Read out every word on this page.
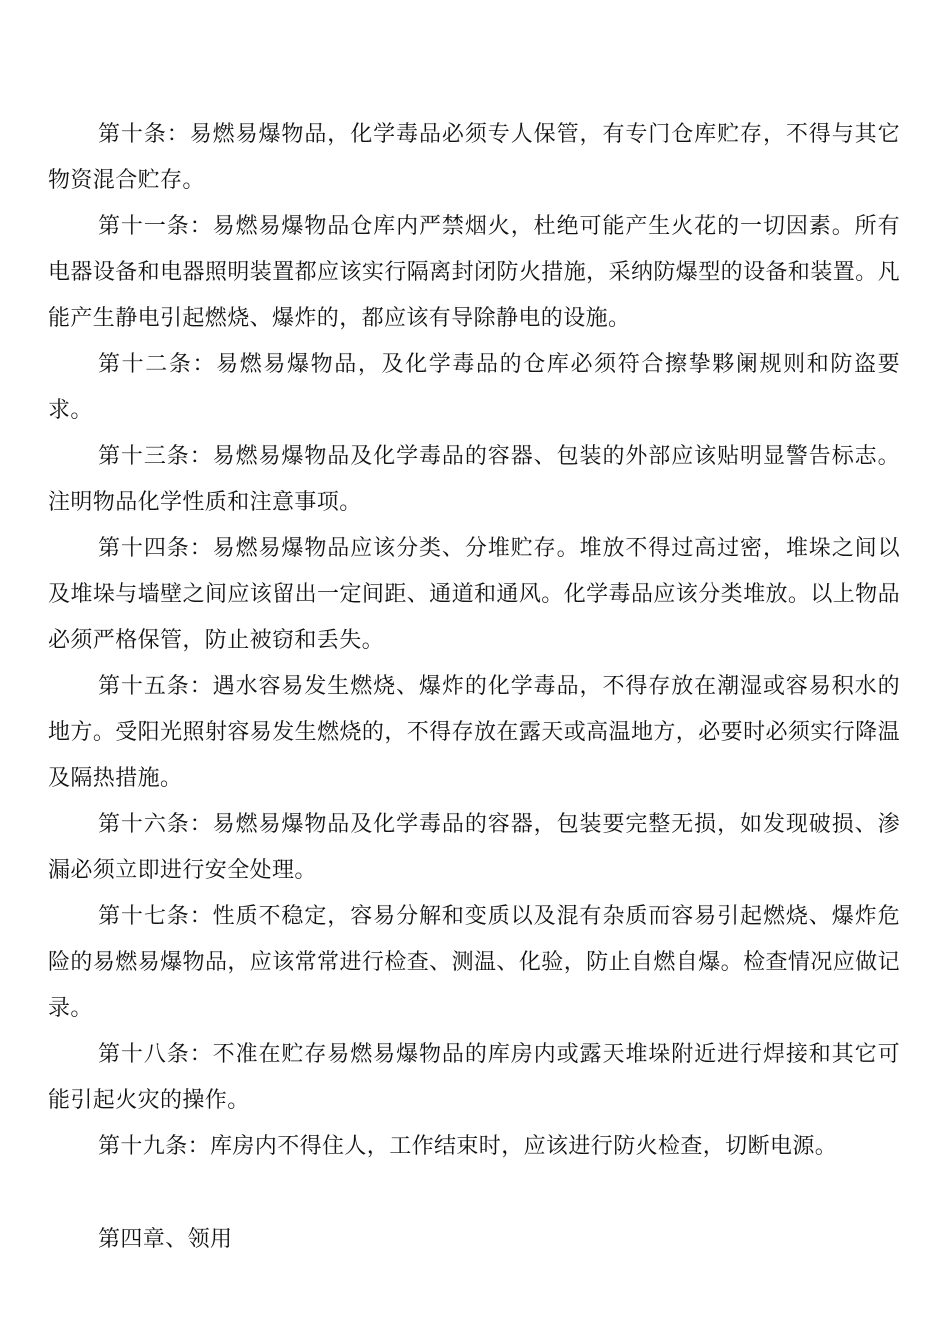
第十条：易燃易爆物品，化学毒品必须专人保管，有专门仓库贮存，不得与其它物资混合贮存。

第十一条：易燃易爆物品仓库内严禁烟火，杜绝可能产生火花的一切因素。所有电器设备和电器照明装置都应该实行隔离封闭防火措施，采纳防爆型的设备和装置。凡能产生静电引起燃烧、爆炸的，都应该有导除静电的设施。

第十二条：易燃易爆物品，及化学毒品的仓库必须符合擦挚夥阑规则和防盗要求。

第十三条：易燃易爆物品及化学毒品的容器、包装的外部应该贴明显警告标志。注明物品化学性质和注意事项。

第十四条：易燃易爆物品应该分类、分堆贮存。堆放不得过高过密，堆垛之间以及堆垛与墙壁之间应该留出一定间距、通道和通风。化学毒品应该分类堆放。以上物品必须严格保管，防止被窃和丢失。

第十五条：遇水容易发生燃烧、爆炸的化学毒品，不得存放在潮湿或容易积水的地方。受阳光照射容易发生燃烧的，不得存放在露天或高温地方，必要时必须实行降温及隔热措施。

第十六条：易燃易爆物品及化学毒品的容器，包装要完整无损，如发现破损、渗漏必须立即进行安全处理。

第十七条：性质不稳定，容易分解和变质以及混有杂质而容易引起燃烧、爆炸危险的易燃易爆物品，应该常常进行检查、测温、化验，防止自燃自爆。检查情况应做记录。

第十八条：不准在贮存易燃易爆物品的库房内或露天堆垛附近进行焊接和其它可能引起火灾的操作。

第十九条：库房内不得住人，工作结束时，应该进行防火检查，切断电源。

第四章、领用
